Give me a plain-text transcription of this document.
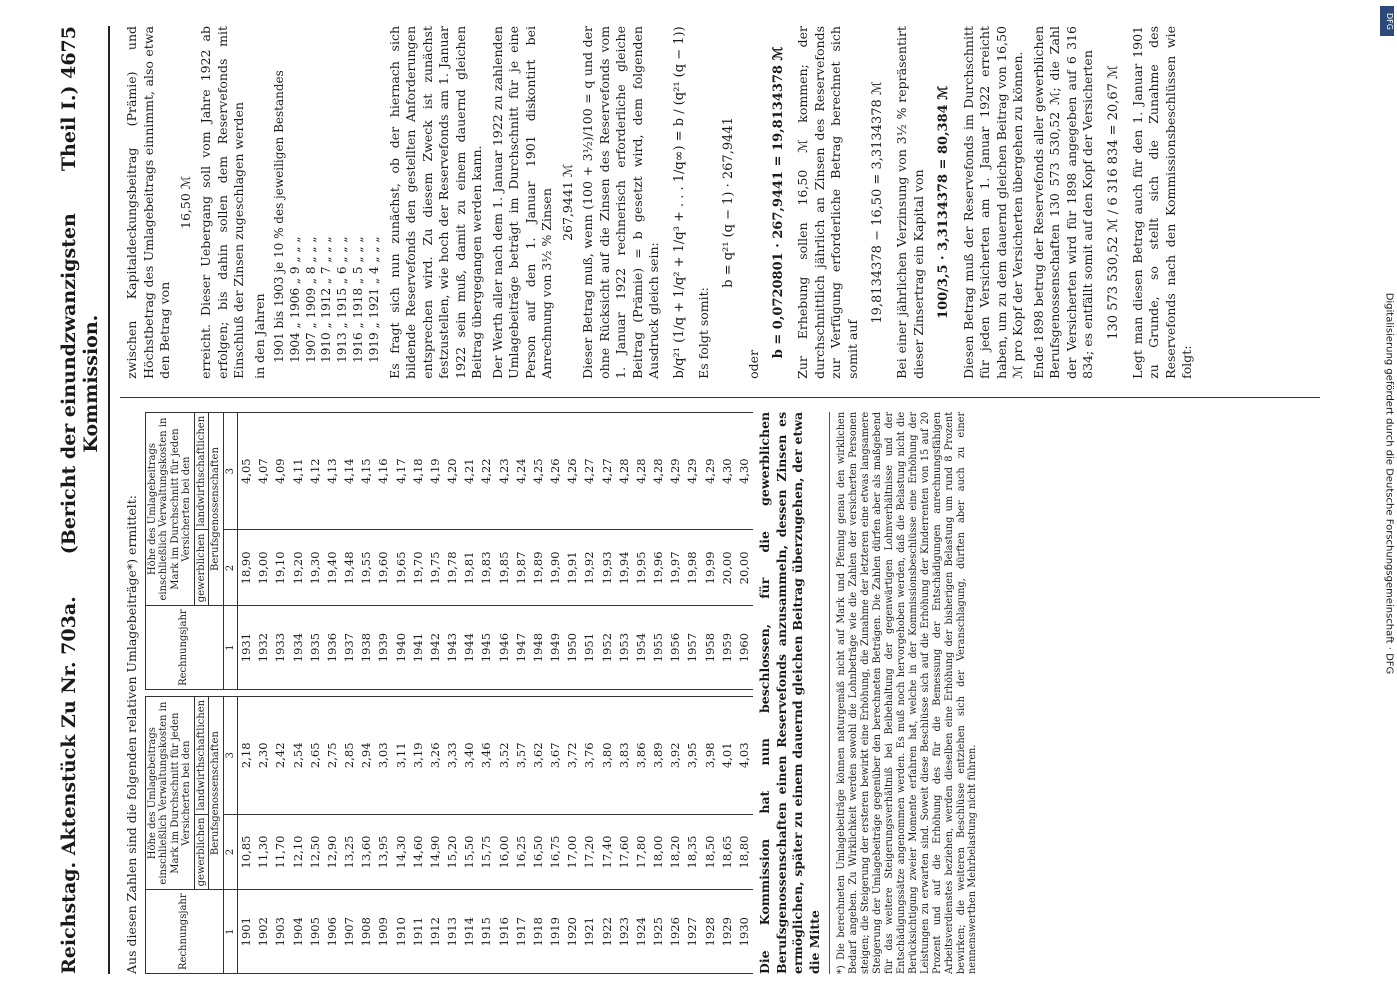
Reichstag. Aktenstück Zu Nr. 703a.
(Bericht der einundzwanzigsten Kommission.
Theil I.) 4675

Aus diesen Zahlen sind die folgenden relativen Umlagebeiträge*) ermittelt:	Rechnungsjahr	Höhe des Umlagebeitrags einschließlich Verwaltungskosten in Mark im Durchschnitt für jeden Versicherten bei den	
	gewerblichen	landwirthschaftlichen
	Berufsgenossenschaften	
1	2	3
1901	10,85	2,18
1902	11,30	2,30
1903	11,70	2,42
1904	12,10	2,54
1905	12,50	2,65
1906	12,90	2,75
1907	13,25	2,85
1908	13,60	2,94
1909	13,95	3,03
1910	14,30	3,11
1911	14,60	3,19
1912	14,90	3,26
1913	15,20	3,33
1914	15,50	3,40
1915	15,75	3,46
1916	16,00	3,52
1917	16,25	3,57
1918	16,50	3,62
1919	16,75	3,67
1920	17,00	3,72
1921	17,20	3,76
1922	17,40	3,80
1923	17,60	3,83
1924	17,80	3,86
1925	18,00	3,89
1926	18,20	3,92
1927	18,35	3,95
1928	18,50	3,98
1929	18,65	4,01
1930	18,80	4,03
Rechnungsjahr	Höhe des Umlagebeitrags einschließlich Verwaltungskosten in Mark im Durchschnitt für jeden Versicherten bei den	
	gewerblichen	landwirthschaftlichen
	Berufsgenossenschaften	
1	2	3
1931	18,90	4,05
1932	19,00	4,07
1933	19,10	4,09
1934	19,20	4,11
1935	19,30	4,12
1936	19,40	4,13
1937	19,48	4,14
1938	19,55	4,15
1939	19,60	4,16
1940	19,65	4,17
1941	19,70	4,18
1942	19,75	4,19
1943	19,78	4,20
1944	19,81	4,21
1945	19,83	4,22
1946	19,85	4,23
1947	19,87	4,24
1948	19,89	4,25
1949	19,90	4,26
1950	19,91	4,26
1951	19,92	4,27
1952	19,93	4,27
1953	19,94	4,28
1954	19,95	4,28
1955	19,96	4,28
1956	19,97	4,29
1957	19,98	4,29
1958	19,99	4,29
1959	20,00	4,30
1960	20,00	4,30 Die Kommission hat nun beschlossen, für die gewerblichen Berufsgenossenschaften einen Reservefonds anzusammeln, dessen Zinsen es ermöglichen, später zu einem dauernd gleichen Beitrag überzugehen, der etwa die Mitte *) Die berechneten Umlagebeiträge können naturgemäß nicht auf Mark und Pfennig genau den wirklichen Bedarf angeben. Zu Wirklichkeit werden sowohl die Lohnbeträge wie die Zahlen der versicherten Personen steigen; die Steigerung der ersteren bewirkt eine Erhöhung, die Zunahme der letzteren eine etwas langsamere Steigerung der Umlagebeiträge gegenüber den berechneten Beträgen. Die Zahlen dürfen aber als maßgebend für das weitere Steigerungsverhältniß bei Beibehaltung der gegenwärtigen Lohnverhältnisse und der Entschädigungssätze angenommen werden. Es muß noch hervorgehoben werden, daß die Belastung nicht die Berücksichtigung zweier Momente erfahren hat, welche in der Kommissionsbeschlüsse eine Erhöhung der Leistungen zu erwarten sind. Soweit diese Beschlüsse sich auf die Erhöhung der Kinderrenten von 15 auf 20 Prozent und auf die Erhöhung des für die Bemessung der Entschädigungen anrechnungsfähigen Arbeitsverdienstes beziehen, werden dieselben eine Erhöhung der bisherigen Belastung um rund 8 Prozent bewirken; die weiteren Beschlüsse entziehen sich der Veranschlagung, dürften aber auch zu einer nennenswerthen Mehrbelastung nicht führen.

zwischen Kapitaldeckungsbeitrag (Prämie) und Höchstbetrag des Umlagebeitrags einnimmt, also etwa den Betrag von

16,50 ℳ erreicht. Dieser Uebergang soll vom Jahre 1922 ab erfolgen; bis dahin sollen dem Reservefonds mit Einschluß der Zinsen zugeschlagen werden in den Jahren 1901 bis 1903 je 10 % des jeweiligen Bestandes 1904 „ 1906 „ 9 „ „ „ 1907 „ 1909 „ 8 „ „ „ 1910 „ 1912 „ 7 „ „ „ 1913 „ 1915 „ 6 „ „ „ 1916 „ 1918 „ 5 „ „ „ 1919 „ 1921 „ 4 „ „ „ Es fragt sich nun zunächst, ob der hiernach sich bildende Reservefonds den gestellten Anforderungen entsprechen wird. Zu diesem Zweck ist zunächst festzustellen, wie hoch der Reservefonds am 1. Januar 1922 sein muß, damit zu einem dauernd gleichen Beitrag übergegangen werden kann. Der Werth aller nach dem 1. Januar 1922 zu zahlenden Umlagebeiträge beträgt im Durchschnitt für je eine Person auf den 1. Januar 1901 diskontirt bei Anrechnung von 3½ % Zinsen 267,9441 ℳ Dieser Betrag muß, wenn (100 + 3½)/100 = q und der ohne Rücksicht auf die Zinsen des Reservefonds vom 1. Januar 1922 rechnerisch erforderliche gleiche Beitrag (Prämie) = b gesetzt wird, dem folgenden Ausdruck gleich sein: b/q²¹ (1/q + 1/q² + 1/q³ + . . . 1/q∞) = b / (q²¹ (q − 1)) Es folgt somit:

b = q²¹ (q − 1) · 267,9441

oder

b = 0,0720801 · 267,9441 = 19,8134378 ℳ Zur Erhebung sollen 16,50 ℳ kommen; der durchschnittlich jährlich an Zinsen des Reservefonds zur Verfügung erforderliche Betrag berechnet sich somit auf

19,8134378 − 16,50 = 3,3134378 ℳ Bei einer jährlichen Verzinsung von 3½ % repräsentirt dieser Zinsertrag ein Kapital von 100/3,5 · 3,3134378 = 80,384 ℳ Diesen Betrag muß der Reservefonds im Durchschnitt für jeden Versicherten am 1. Januar 1922 erreicht haben, um zu dem dauernd gleichen Beitrag von 16,50 ℳ pro Kopf der Versicherten übergehen zu können. Ende 1898 betrug der Reservefonds aller gewerblichen Berufsgenossenschaften 130 573 530,52 ℳ; die Zahl der Versicherten wird für 1898 angegeben auf 6 316 834; es entfällt somit auf den Kopf der Versicherten 130 573 530,52 ℳ / 6 316 834 = 20,67 ℳ Legt man diesen Betrag auch für den 1. Januar 1901 zu Grunde, so stellt sich die Zunahme des Reservefonds nach den Kommissionsbeschlüssen wie folgt:	Digitalisierung gefördert durch die Deutsche Forschungsgemeinschaft · DFG
DFG
